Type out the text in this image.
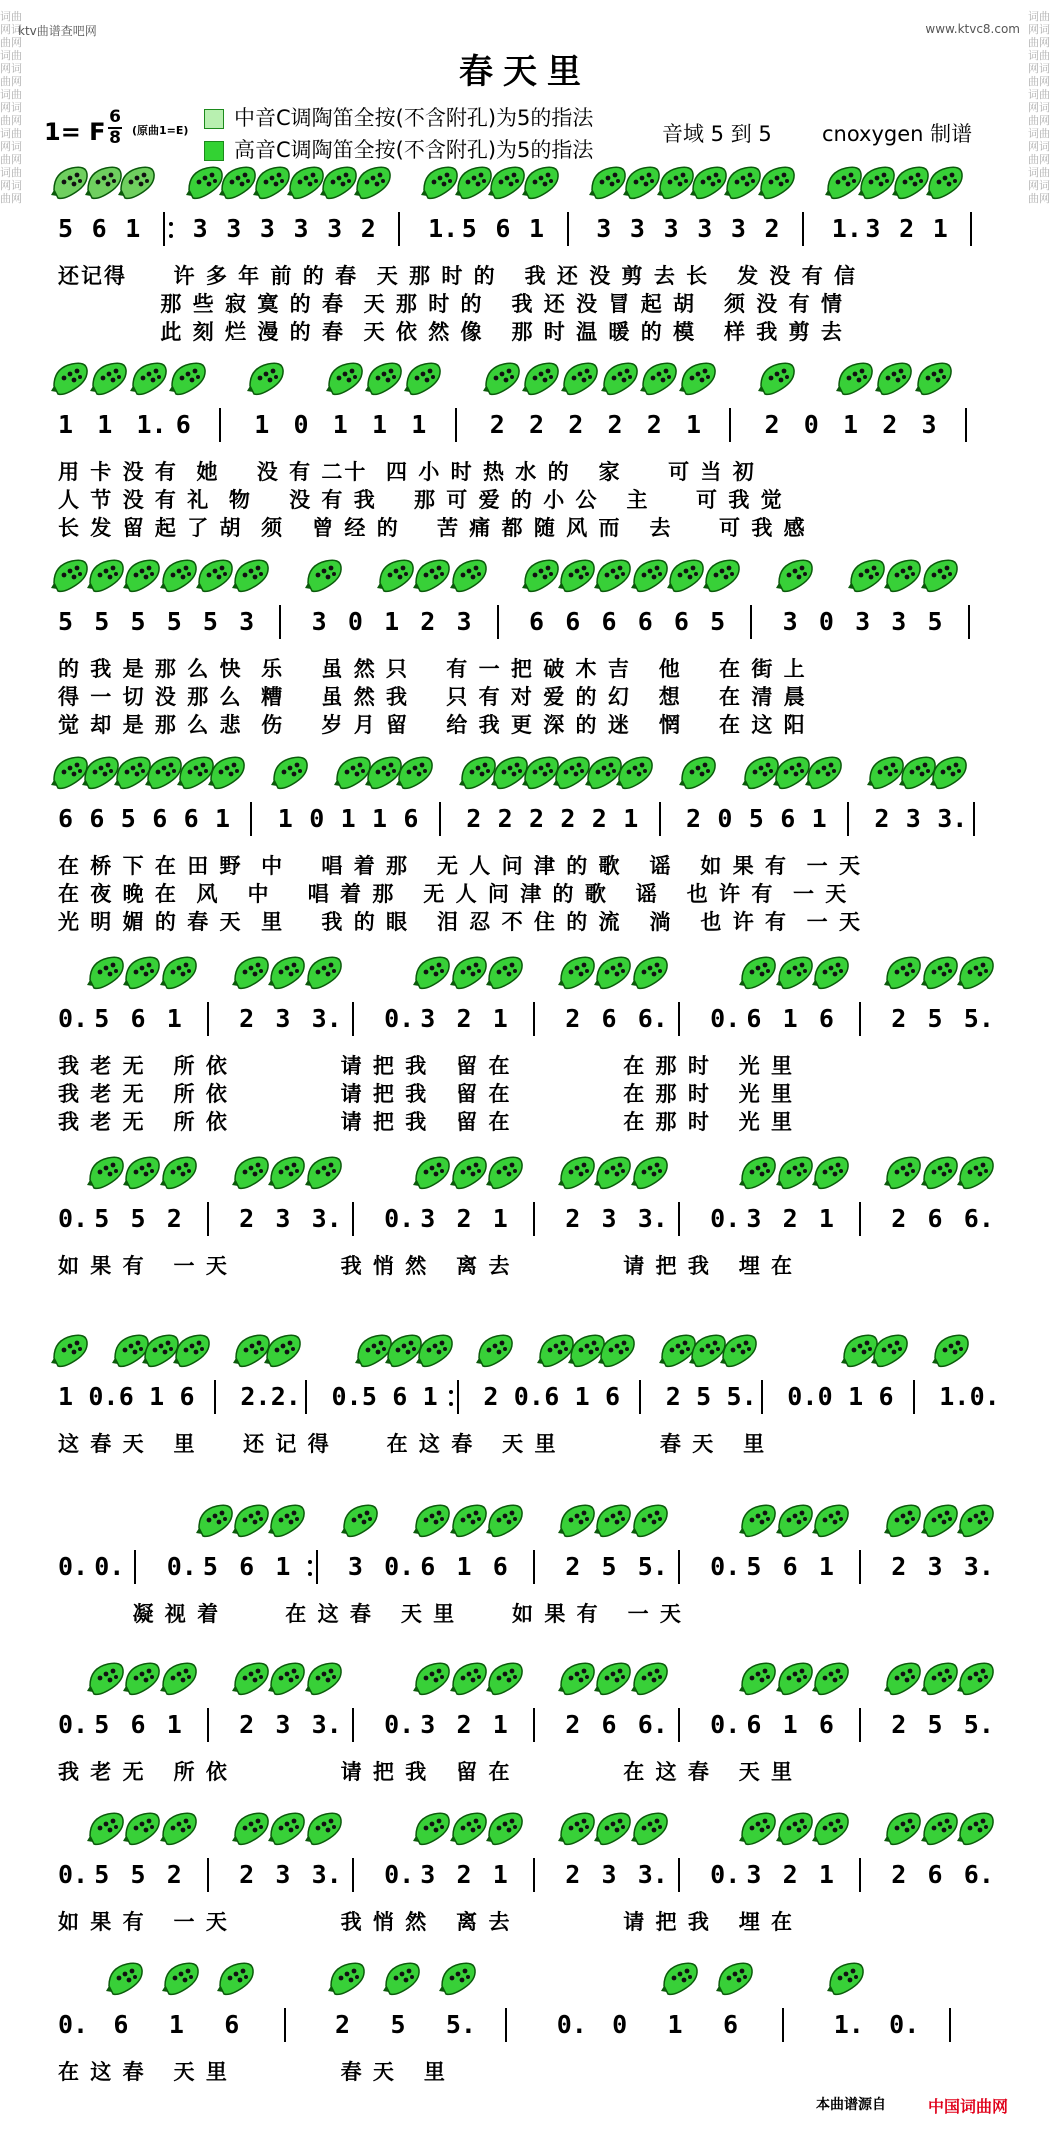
ktv曲谱查吧网	www.ktvc8.com
词曲网词曲网词曲网词曲网词曲网词曲网词曲网词曲网词曲网词曲网
词曲网词曲网词曲网词曲网词曲网词曲网词曲网词曲网词曲网词曲网
春天里
1= F
6
8 (原曲1=E)
中音C调陶笛全按(不含附孔)为5的指法
高音C调陶笛全按(不含附孔)为5的指法
音域 5 到 5 cnoxygen 制谱
5 6 1 3 3 3 3 3 2 1. 5 6 1 3 3 3 3 3 2 1. 3 2 1
还记得     许 多 年 前 的 春  天 那 时 的   我 还 没 剪 去 长   发 没 有 信
那 些 寂 寞 的 春  天 那 时 的   我 还 没 冒 起 胡   须 没 有 情
此 刻 烂 漫 的 春  天 依 然 像   那 时 温 暖 的 模   样 我 剪 去
1 1 1. 6	1 0 1 1 1	2 2 2 2 2 1	2 0 1 2 3
用 卡 没 有  她    没 有 二十  四 小 时 热 水 的   家     可 当 初
人 节 没 有 礼  物    没 有 我    那 可 爱 的 小 公   主     可 我 觉
长 发 留 起 了 胡  须   曾 经 的    苦 痛 都 随 风 而   去     可 我 感
5 5 5 5 5 3 3 0 1 2 3 6 6 6 6 6 5 3 0 3 3 5
的 我 是 那 么 快  乐    虽 然 只    有 一 把 破 木 吉   他    在 街 上
得 一 切 没 那 么  糟    虽 然 我    只 有 对 爱 的 幻   想    在 清 晨
觉 却 是 那 么 悲  伤    岁 月 留    给 我 更 深 的 迷   惘    在 这 阳
6 6 5 6 6 1 1 0 1 1 6 2 2 2 2 2 1 2 0 5 6 1 2 3 3.
在 桥 下 在 田 野  中    唱 着 那   无 人 问 津 的 歌   谣   如 果 有  一 天
在 夜 晚 在  风   中    唱 着 那   无 人 问 津 的 歌   谣   也 许 有  一 天
光 明 媚 的 春 天  里    我 的 眼   泪 忍 不 住 的 流   淌   也 许 有  一 天
0. 5 6 1 2 3 3. 0. 3 2 1 2 6 6. 0. 6 1 6 2 5 5.
我 老 无   所 依            请 把 我   留 在            在 那 时   光 里
我 老 无   所 依            请 把 我   留 在            在 那 时   光 里
我 老 无   所 依            请 把 我   留 在            在 那 时   光 里
0. 5 5 2 2 3 3. 0. 3 2 1 2 3 3. 0. 3 2 1 2 6 6.
如 果 有   一 天            我 悄 然   离 去            请 把 我   埋 在
1 0. 6 1 6 2. 2. 0. 5 6 1 2 0. 6 1 6 2 5 5. 0. 0 1 6 1. 0.
这 春 天   里     还 记 得      在 这 春   天 里           春 天   里
0. 0. 0. 5 6 1 3 0. 6 1 6 2 5 5. 0. 5 6 1 2 3 3.
凝 视 着       在 这 春   天 里      如 果 有   一 天
0. 5 6 1 2 3 3. 0. 3 2 1 2 6 6. 0. 6 1 6 2 5 5.
我 老 无   所 依            请 把 我   留 在            在 这 春   天 里
0. 5 5 2 2 3 3. 0. 3 2 1 2 3 3. 0. 3 2 1 2 6 6.
如 果 有   一 天            我 悄 然   离 去            请 把 我   埋 在
0. 6 1 6	2 5 5.	0. 0 1 6	1. 0.
在 这 春   天 里            春 天   里
本曲谱源自	中国词曲网
